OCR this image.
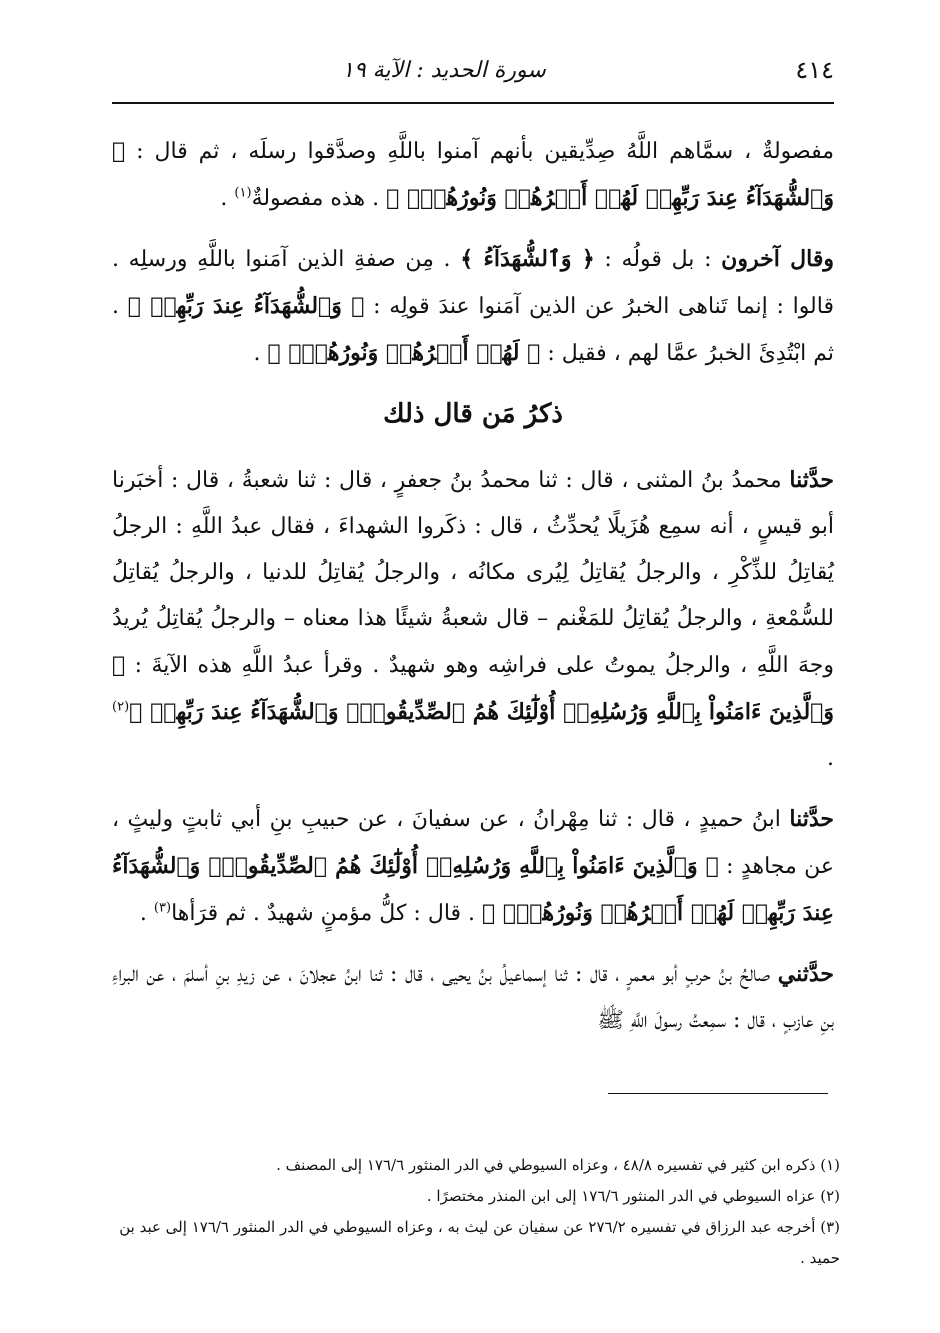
٤١٤
سورة الحديد : الآية ١٩

مفصولةٌ ، سمَّاهم اللَّهُ صِدِّيقين بأنهم آمنوا باللَّهِ وصدَّقوا رسلَه ، ثم قال : ﴿ وَٱلشُّهَدَآءُ عِندَ رَبِّهِمۡ لَهُمۡ أَجۡرُهُمۡ وَنُورُهُمۡۖ ﴾ . هذه مفصولةٌ$^{(١)}$ .

وقال آخرون : بل قولُه : ﴿ وَٱلشُّهَدَآءُ ﴾ . مِن صفةِ الذين آمَنوا باللَّهِ ورسلِه . قالوا : إنما تَناهى الخبرُ عن الذين آمَنوا عندَ قولِه : ﴿ وَٱلشُّهَدَآءُ عِندَ رَبِّهِمۡ ﴾ . ثم ابْتُدِئَ الخبرُ عمَّا لهم ، فقيل : ﴿ لَهُمۡ أَجۡرُهُمۡ وَنُورُهُمۡۖ ﴾ .

ذكرُ مَن قال ذلك

حدَّثنا محمدُ بنُ المثنى ، قال : ثنا محمدُ بنُ جعفرٍ ، قال : ثنا شعبةُ ، قال : أخبَرنا أبو قيسٍ ، أنه سمِع هُزَيلًا يُحدِّثُ ، قال : ذكَروا الشهداءَ ، فقال عبدُ اللَّهِ : الرجلُ يُقاتِلُ للذِّكْرِ ، والرجلُ يُقاتِلُ لِيُرى مكانُه ، والرجلُ يُقاتِلُ للدنيا ، والرجلُ يُقاتِلُ للسُّمْعةِ ، والرجلُ يُقاتِلُ للمَغْنم – قال شعبةُ شيئًا هذا معناه – والرجلُ يُقاتِلُ يُريدُ وجهَ اللَّهِ ، والرجلُ يموتُ على فراشِه وهو شهيدٌ . وقرأ عبدُ اللَّهِ هذه الآيةَ : ﴿ وَٱلَّذِينَ ءَامَنُواْ بِٱللَّهِ وَرُسُلِهِۦٓ أُوْلَٰٓئِكَ هُمُ ٱلصِّدِّيقُونَۖ وَٱلشُّهَدَآءُ عِندَ رَبِّهِمۡ ﴾$^{(٢)}$ .

حدَّثنا ابنُ حميدٍ ، قال : ثنا مِهْرانُ ، عن سفيانَ ، عن حبيبِ بنِ أبي ثابتٍ وليثٍ ، عن مجاهدٍ : ﴿ وَٱلَّذِينَ ءَامَنُواْ بِٱللَّهِ وَرُسُلِهِۦٓ أُوْلَٰٓئِكَ هُمُ ٱلصِّدِّيقُونَۖ وَٱلشُّهَدَآءُ عِندَ رَبِّهِمۡ لَهُمۡ أَجۡرُهُمۡ وَنُورُهُمۡۖ ﴾ . قال : كلُّ مؤمنٍ شهيدٌ . ثم قرَأها$^{(٣)}$ .

حدَّثني صالحُ بنُ حربٍ أبو معمرٍ ، قال : ثنا إسماعيلُ بنُ يحيى ، قال : ثنا ابنُ عجلانَ ، عن زيدِ بنِ أسلمَ ، عن البراءِ بنِ عازبٍ ، قال : سمِعتُ رسولَ اللَّهِ ﷺ

(١) ذكره ابن كثير في تفسيره ٤٨/٨ ، وعزاه السيوطي في الدر المنثور ١٧٦/٦ إلى المصنف .
(٢) عزاه السيوطي في الدر المنثور ١٧٦/٦ إلى ابن المنذر مختصرًا .
(٣) أخرجه عبد الرزاق في تفسيره ٢٧٦/٢ عن سفيان عن ليث به ، وعزاه السيوطي في الدر المنثور ١٧٦/٦ إلى عبد بن حميد .
